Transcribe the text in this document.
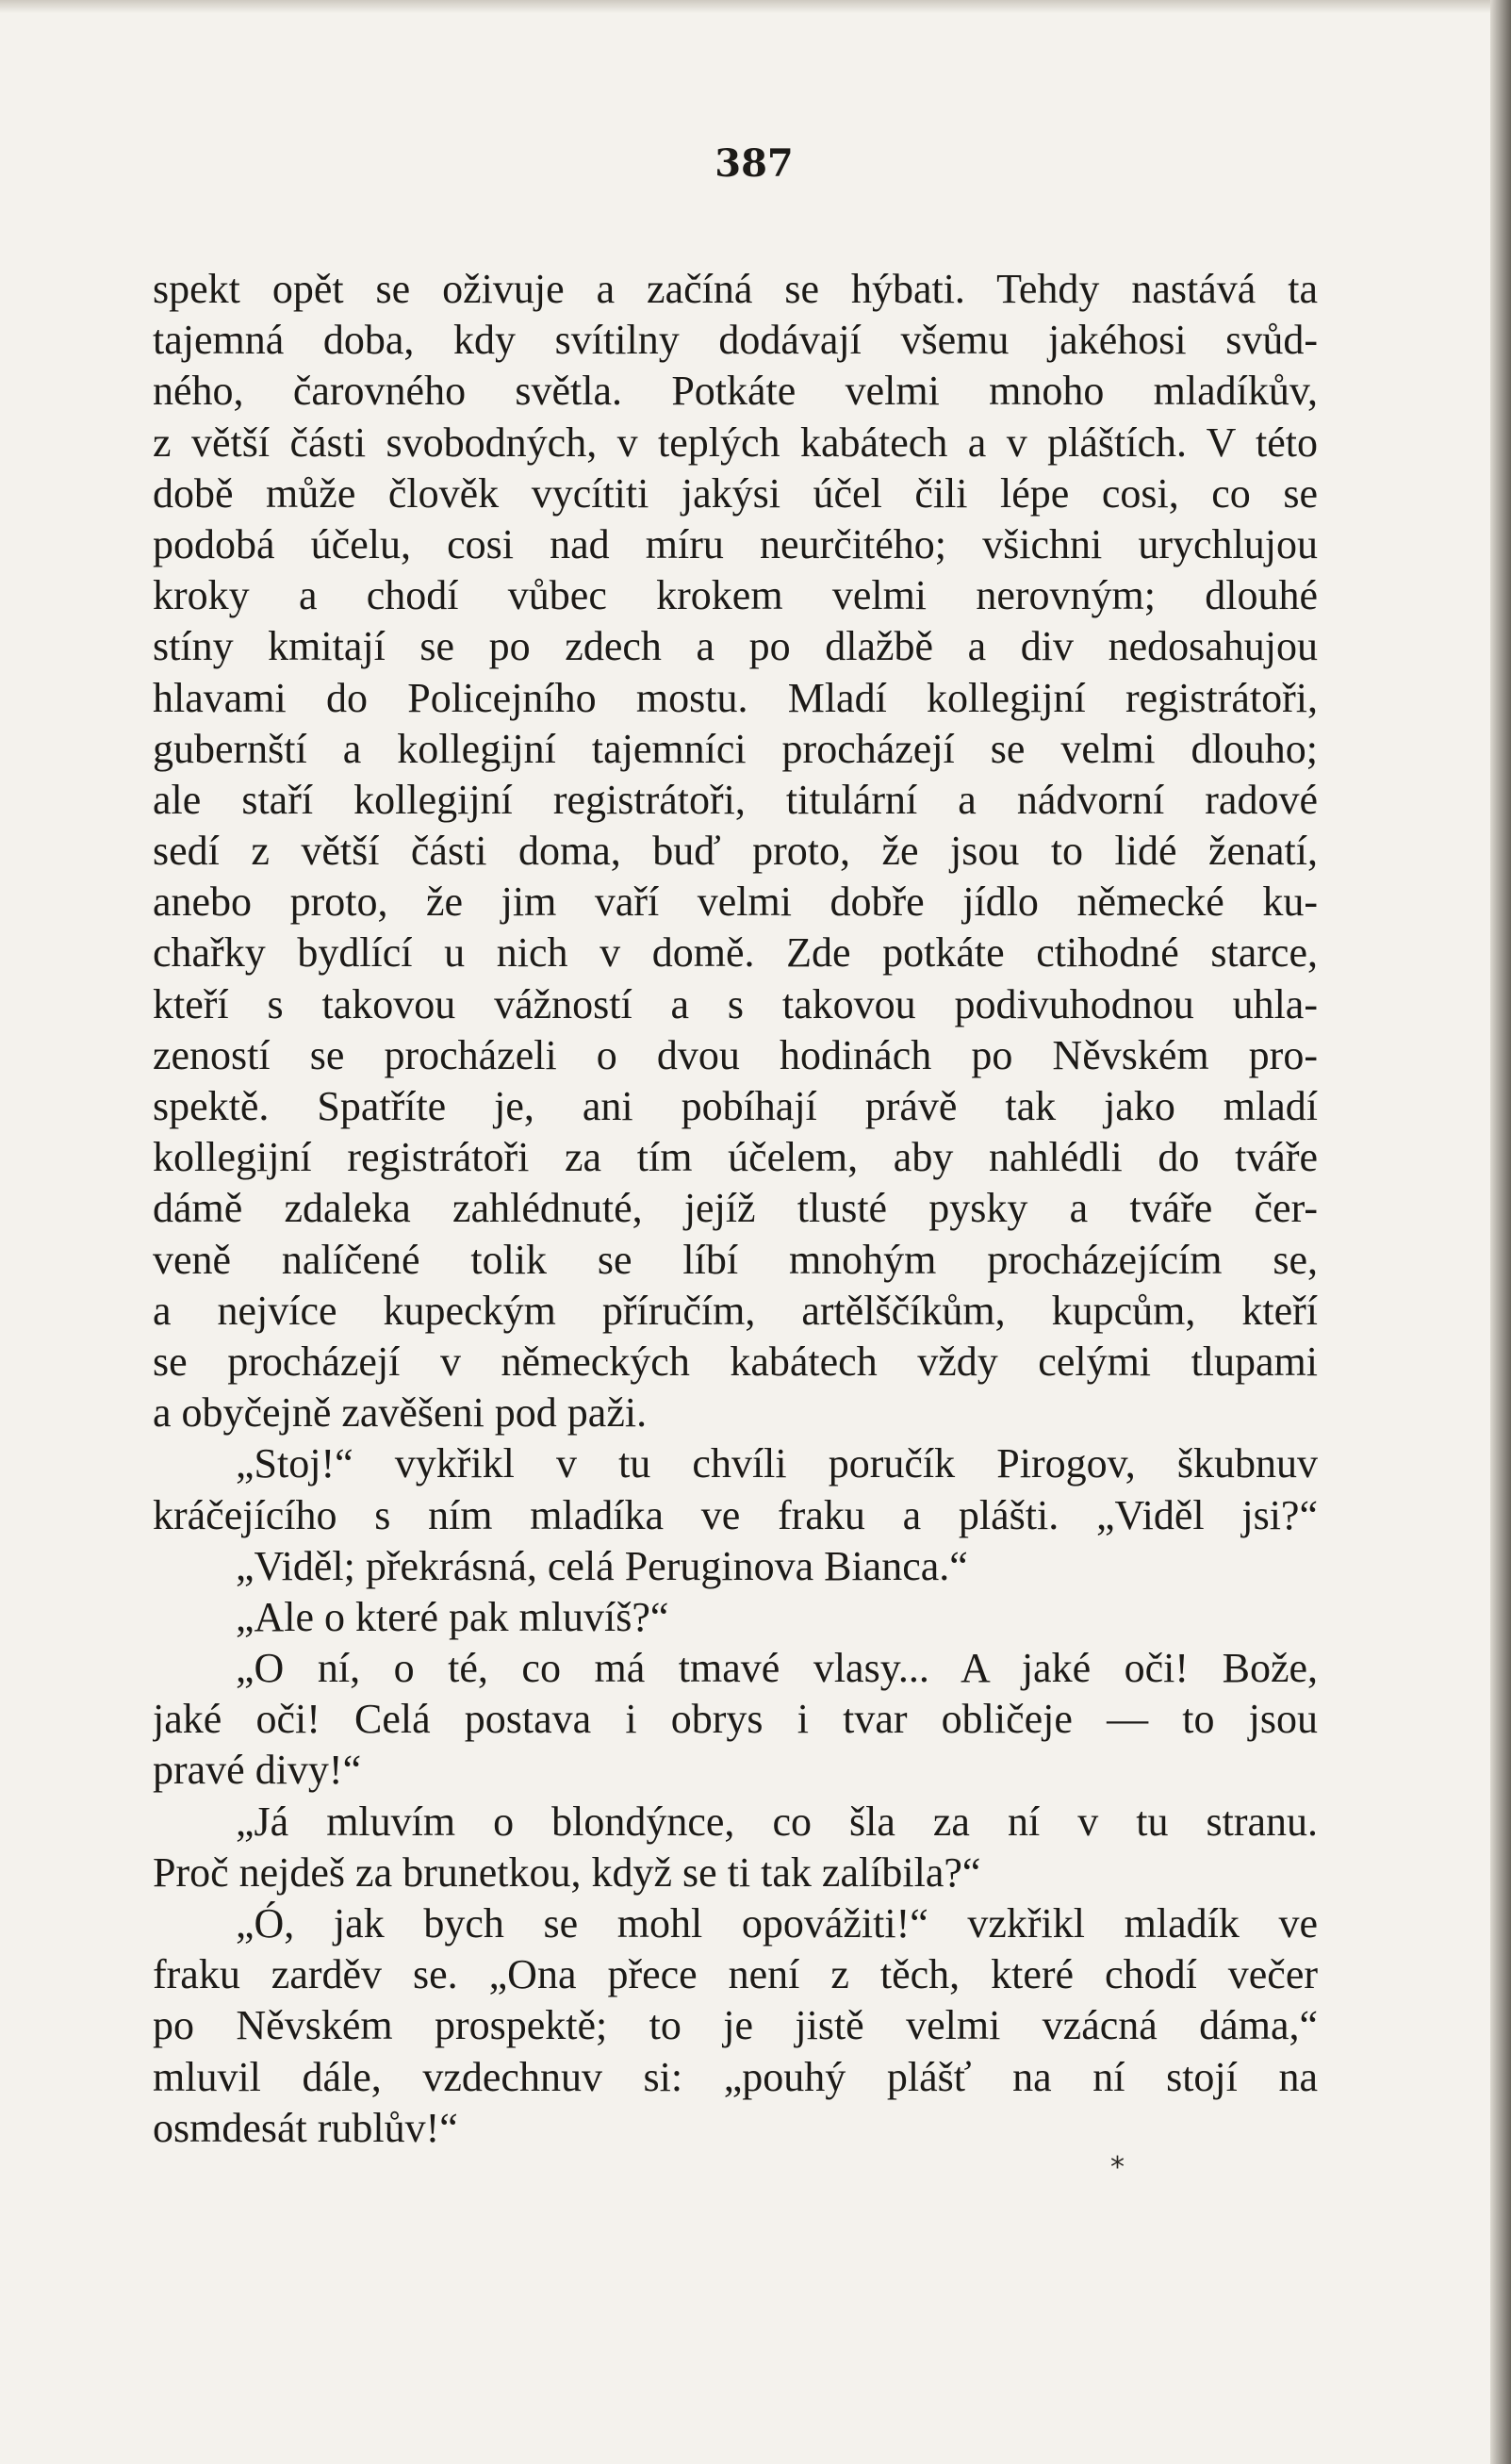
387
spekt opět se oživuje a začíná se hýbati. Tehdy nastává ta
tajemná doba, kdy svítilny dodávají všemu jakéhosi svůd-
ného, čarovného světla. Potkáte velmi mnoho mladíkův,
z větší části svobodných, v teplých kabátech a v pláštích. V této
době může člověk vycítiti jakýsi účel čili lépe cosi, co se
podobá účelu, cosi nad míru neurčitého; všichni urychlujou
kroky a chodí vůbec krokem velmi nerovným; dlouhé
stíny kmitají se po zdech a po dlažbě a div nedosahujou
hlavami do Policejního mostu. Mladí kollegijní registrátoři,
gubernští a kollegijní tajemníci procházejí se velmi dlouho;
ale staří kollegijní registrátoři, titulární a nádvorní radové
sedí z větší části doma, buď proto, že jsou to lidé ženatí,
anebo proto, že jim vaří velmi dobře jídlo německé ku-
chařky bydlící u nich v domě. Zde potkáte ctihodné starce,
kteří s takovou vážností a s takovou podivuhodnou uhla-
zeností se procházeli o dvou hodinách po Něvském pro-
spektě. Spatříte je, ani pobíhají právě tak jako mladí
kollegijní registrátoři za tím účelem, aby nahlédli do tváře
dámě zdaleka zahlédnuté, jejíž tlusté pysky a tváře čer-
veně nalíčené tolik se líbí mnohým procházejícím se,
a nejvíce kupeckým příručím, artělščíkům, kupcům, kteří
se procházejí v německých kabátech vždy celými tlupami
a obyčejně zavěšeni pod paži.
„Stoj!“ vykřikl v tu chvíli poručík Pirogov, škubnuv
kráčejícího s ním mladíka ve fraku a plášti. „Viděl jsi?“
„Viděl; překrásná, celá Peruginova Bianca.“
„Ale o které pak mluvíš?“
„O ní, o té, co má tmavé vlasy... A jaké oči! Bože,
jaké oči! Celá postava i obrys i tvar obličeje — to jsou
pravé divy!“
„Já mluvím o blondýnce, co šla za ní v tu stranu.
Proč nejdeš za brunetkou, když se ti tak zalíbila?“
„Ó, jak bych se mohl opovážiti!“ vzkřikl mladík ve
fraku zarděv se. „Ona přece není z těch, které chodí večer
po Něvském prospektě; to je jistě velmi vzácná dáma,“
mluvil dále, vzdechnuv si: „pouhý plášť na ní stojí na
osmdesát rublův!“
*
